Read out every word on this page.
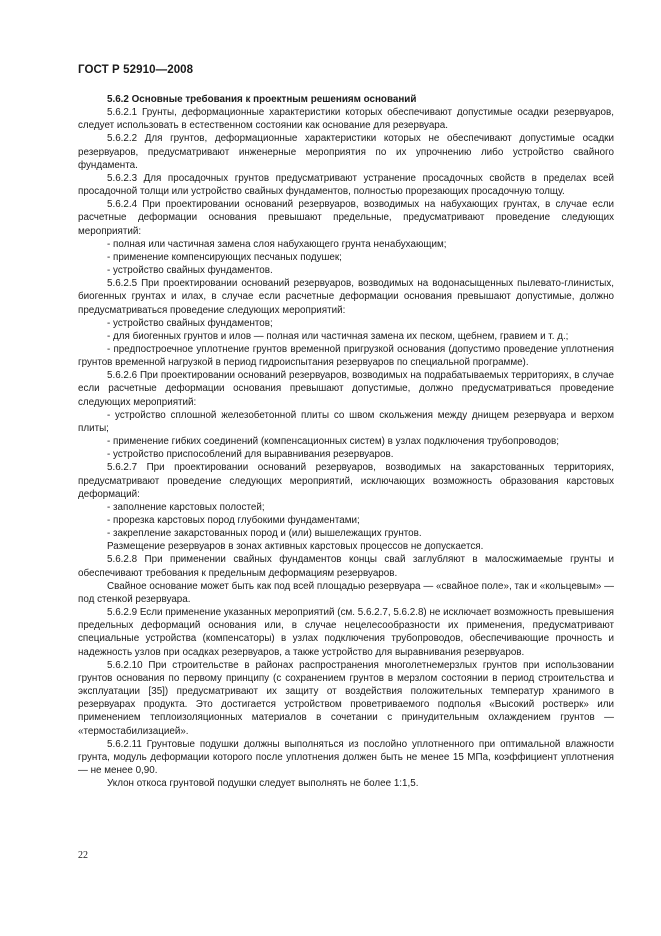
ГОСТ Р 52910—2008

5.6.2 Основные требования к проектным решениям оснований

5.6.2.1 Грунты, деформационные характеристики которых обеспечивают допустимые осадки резервуаров, следует использовать в естественном состоянии как основание для резервуара.

5.6.2.2 Для грунтов, деформационные характеристики которых не обеспечивают допустимые осадки резервуаров, предусматривают инженерные мероприятия по их упрочнению либо устройство свайного фундамента.

5.6.2.3 Для просадочных грунтов предусматривают устранение просадочных свойств в пределах всей просадочной толщи или устройство свайных фундаментов, полностью прорезающих просадочную толщу.

5.6.2.4 При проектировании оснований резервуаров, возводимых на набухающих грунтах, в случае если расчетные деформации основания превышают предельные, предусматривают проведение следующих мероприятий:

- полная или частичная замена слоя набухающего грунта ненабухающим;

- применение компенсирующих песчаных подушек;

- устройство свайных фундаментов.

5.6.2.5 При проектировании оснований резервуаров, возводимых на водонасыщенных пылевато-глинистых, биогенных грунтах и илах, в случае если расчетные деформации основания превышают допустимые, должно предусматриваться проведение следующих мероприятий:

- устройство свайных фундаментов;

- для биогенных грунтов и илов — полная или частичная замена их песком, щебнем, гравием и т. д.;

- предпостроечное уплотнение грунтов временной пригрузкой основания (допустимо проведение уплотнения грунтов временной нагрузкой в период гидроиспытания резервуаров по специальной программе).

5.6.2.6 При проектировании оснований резервуаров, возводимых на подрабатываемых территориях, в случае если расчетные деформации основания превышают допустимые, должно предусматриваться проведение следующих мероприятий:

- устройство сплошной железобетонной плиты со швом скольжения между днищем резервуара и верхом плиты;

- применение гибких соединений (компенсационных систем) в узлах подключения трубопроводов;

- устройство приспособлений для выравнивания резервуаров.

5.6.2.7 При проектировании оснований резервуаров, возводимых на закарстованных территориях, предусматривают проведение следующих мероприятий, исключающих возможность образования карстовых деформаций:

- заполнение карстовых полостей;

- прорезка карстовых пород глубокими фундаментами;

- закрепление закарстованных пород и (или) вышележащих грунтов.

Размещение резервуаров в зонах активных карстовых процессов не допускается.

5.6.2.8 При применении свайных фундаментов концы свай заглубляют в малосжимаемые грунты и обеспечивают требования к предельным деформациям резервуаров.

Свайное основание может быть как под всей площадью резервуара — «свайное поле», так и «кольцевым» — под стенкой резервуара.

5.6.2.9 Если применение указанных мероприятий (см. 5.6.2.7, 5.6.2.8) не исключает возможность превышения предельных деформаций основания или, в случае нецелесообразности их применения, предусматривают специальные устройства (компенсаторы) в узлах подключения трубопроводов, обеспечивающие прочность и надежность узлов при осадках резервуаров, а также устройство для выравнивания резервуаров.

5.6.2.10 При строительстве в районах распространения многолетнемерзлых грунтов при использовании грунтов основания по первому принципу (с сохранением грунтов в мерзлом состоянии в период строительства и эксплуатации [35]) предусматривают их защиту от воздействия положительных температур хранимого в резервуарах продукта. Это достигается устройством проветриваемого подполья «Высокий ростверк» или применением теплоизоляционных материалов в сочетании с принудительным охлаждением грунтов — «термостабилизацией».

5.6.2.11 Грунтовые подушки должны выполняться из послойно уплотненного при оптимальной влажности грунта, модуль деформации которого после уплотнения должен быть не менее 15 МПа, коэффициент уплотнения — не менее 0,90.

Уклон откоса грунтовой подушки следует выполнять не более 1:1,5.

22
